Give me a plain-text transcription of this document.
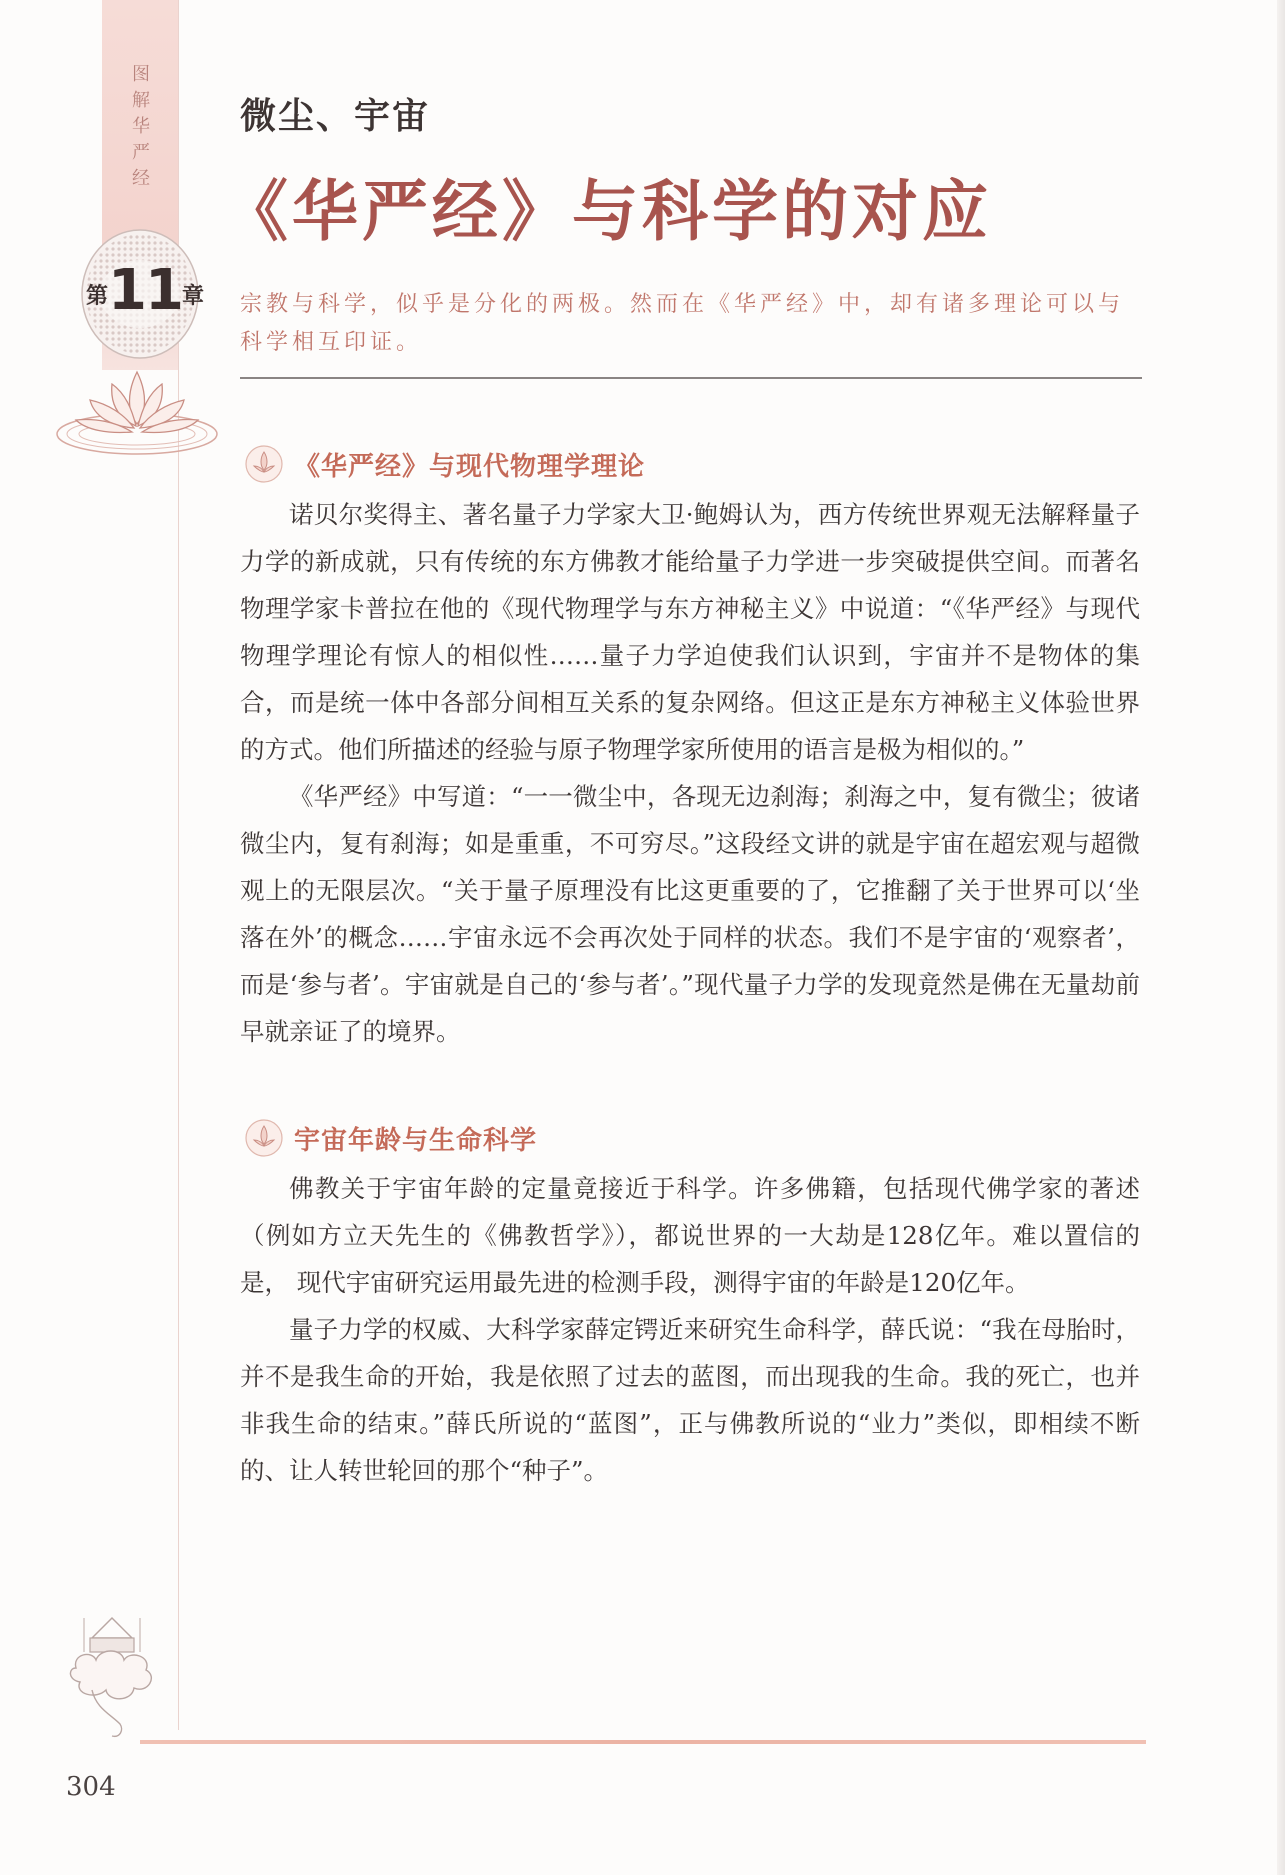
图解华严经
第11章
微尘、宇宙
《华严经》与科学的对应
宗教与科学，似乎是分化的两极。然而在《华严经》中，却有诸多理论可以与科学相互印证。
《华严经》与现代物理学理论

诺贝尔奖得主、著名量子力学家大卫·鲍姆认为，西方传统世界观无法解释量子力学的新成就，只有传统的东方佛教才能给量子力学进一步突破提供空间。而著名物理学家卡普拉在他的《现代物理学与东方神秘主义》中说道：“《华严经》与现代物理学理论有惊人的相似性……量子力学迫使我们认识到，宇宙并不是物体的集合，而是统一体中各部分间相互关系的复杂网络。但这正是东方神秘主义体验世界的方式。他们所描述的经验与原子物理学家所使用的语言是极为相似的。”

《华严经》中写道：“一一微尘中，各现无边刹海；刹海之中，复有微尘；彼诸微尘内，复有刹海；如是重重，不可穷尽。”这段经文讲的就是宇宙在超宏观与超微观上的无限层次。“关于量子原理没有比这更重要的了，它推翻了关于世界可以‘坐落在外’的概念……宇宙永远不会再次处于同样的状态。我们不是宇宙的‘观察者’，而是‘参与者’。宇宙就是自己的‘参与者’。”现代量子力学的发现竟然是佛在无量劫前早就亲证了的境界。

宇宙年龄与生命科学

佛教关于宇宙年龄的定量竟接近于科学。许多佛籍，包括现代佛学家的著述（例如方立天先生的《佛教哲学》），都说世界的一大劫是128亿年。难以置信的是， 现代宇宙研究运用最先进的检测手段，测得宇宙的年龄是120亿年。

量子力学的权威、大科学家薛定锷近来研究生命科学，薛氏说：“我在母胎时，并不是我生命的开始，我是依照了过去的蓝图，而出现我的生命。我的死亡，也并非我生命的结束。”薛氏所说的“蓝图”，正与佛教所说的“业力”类似，即相续不断的、让人转世轮回的那个“种子”。

304
